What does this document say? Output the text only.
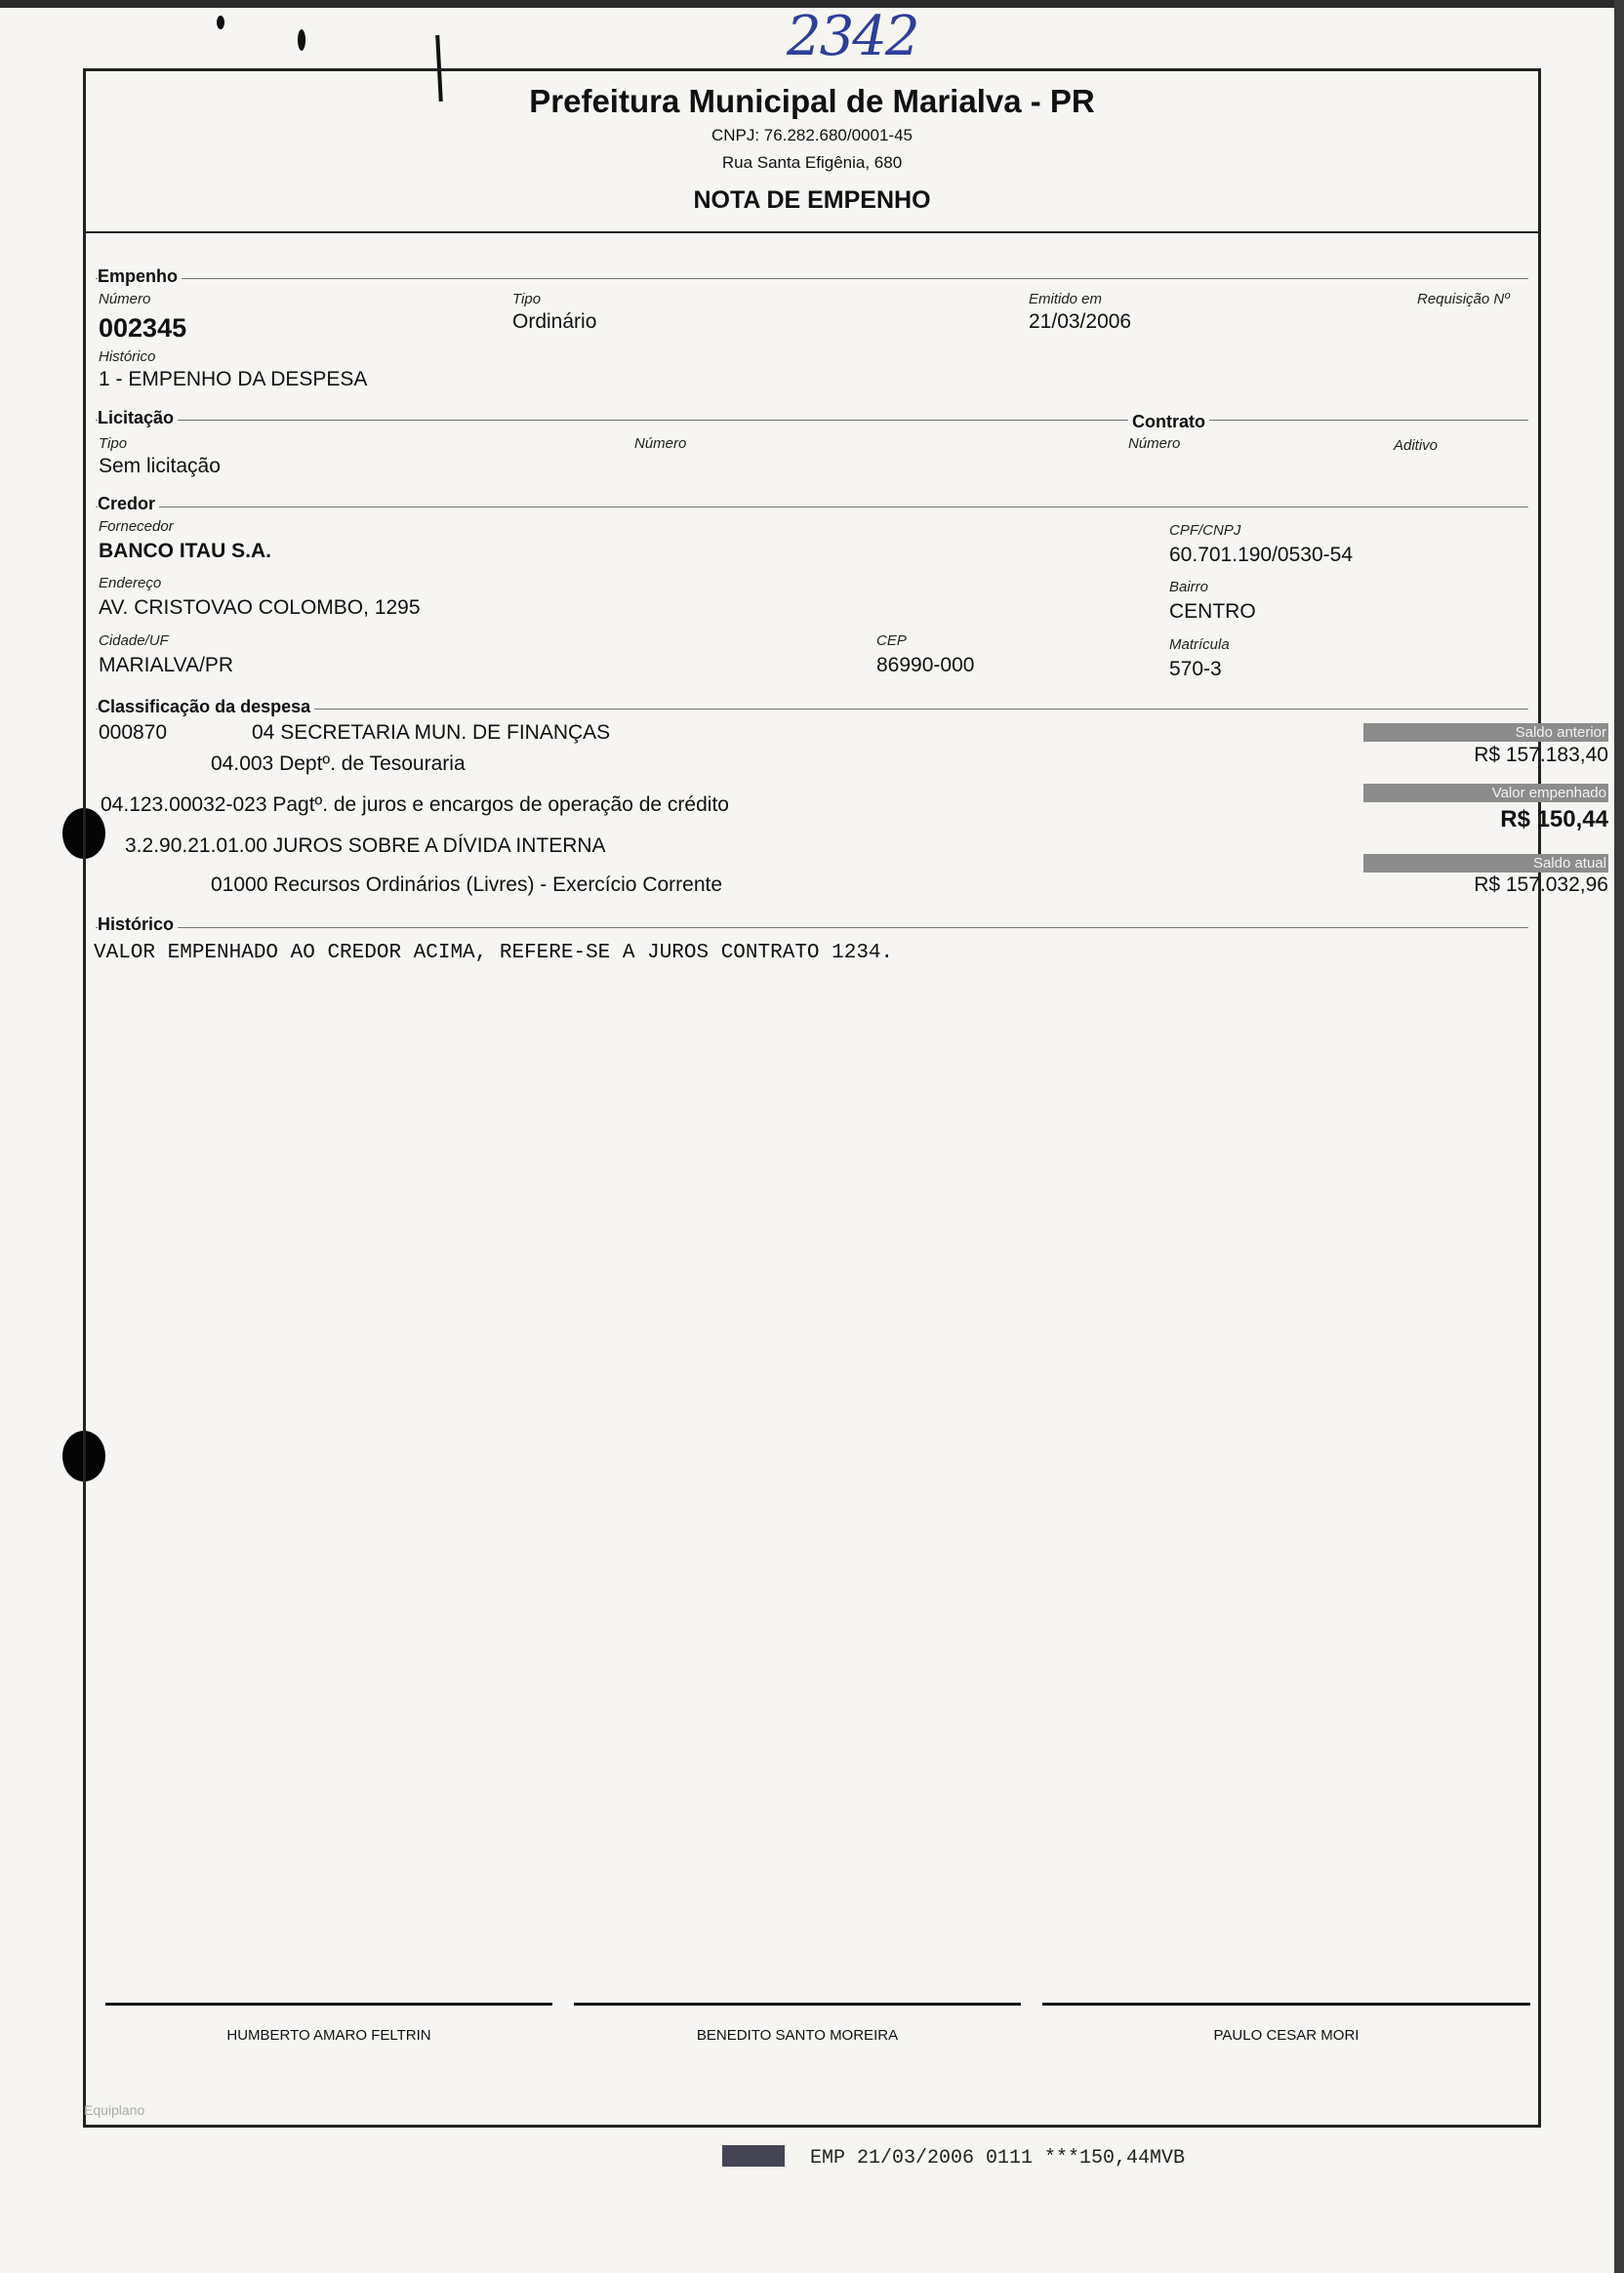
2342
Prefeitura Municipal de Marialva - PR
CNPJ: 76.282.680/0001-45
Rua Santa Efigênia, 680
NOTA DE EMPENHO
Empenho
Número
002345
Tipo
Ordinário
Emitido em
21/03/2006
Requisição Nº
Histórico
1 - EMPENHO DA DESPESA
Licitação	Contrato
Tipo
Sem licitação
Número	Número	Aditivo
Credor
Fornecedor
BANCO ITAU S.A.
CPF/CNPJ
60.701.190/0530-54
Endereço
AV. CRISTOVAO COLOMBO, 1295
Bairro
CENTRO
Cidade/UF
MARIALVA/PR
CEP
86990-000
Matrícula
570-3
Classificação da despesa
000870	04 SECRETARIA MUN. DE FINANÇAS
04.003 Deptº. de Tesouraria
04.123.00032-023 Pagtº. de juros e encargos de operação de crédito
3.2.90.21.01.00 JUROS SOBRE A DÍVIDA INTERNA
01000 Recursos Ordinários (Livres) - Exercício Corrente
Saldo anterior
R$ 157.183,40
Valor empenhado
R$ 150,44
Saldo atual
R$ 157.032,96
Histórico
VALOR EMPENHADO AO CREDOR ACIMA, REFERE-SE A JUROS CONTRATO 1234.
HUMBERTO AMARO FELTRIN	BENEDITO SANTO MOREIRA	PAULO CESAR MORI
Equiplano
EMP 21/03/2006 0111 ***150,44MVB
